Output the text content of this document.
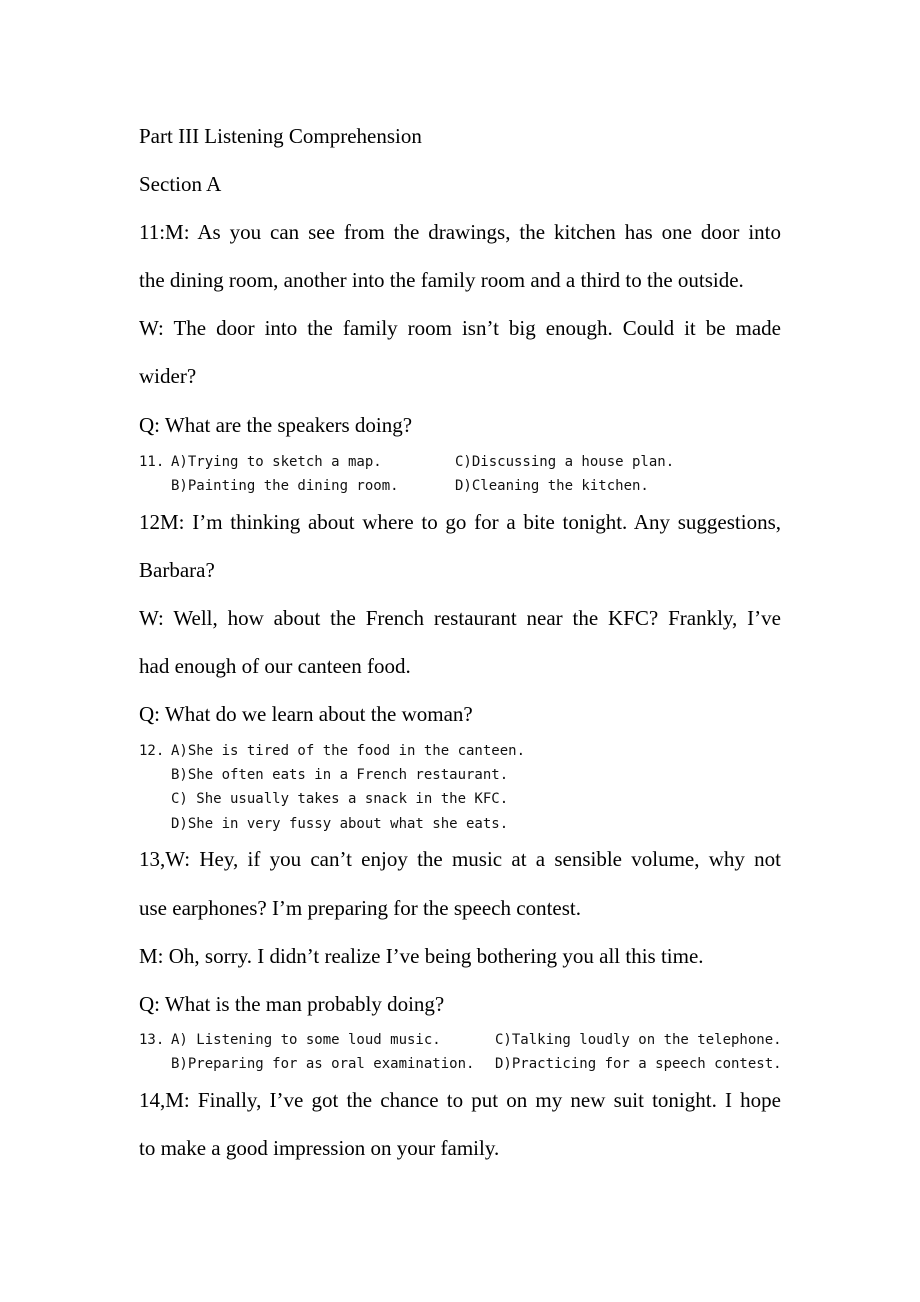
Part III Listening Comprehension
Section A
11:M: As you can see from the drawings, the kitchen has one door into
the dining room, another into the family room and a third to the outside.
W: The door into the family room isn’t big enough. Could it be made
wider?
Q: What are the speakers doing?
11. A)Trying to sketch a map.	C)Discussing a house plan.
B)Painting the dining room.	D)Cleaning the kitchen.
12M: I’m thinking about where to go for a bite tonight. Any suggestions,
Barbara?
W: Well, how about the French restaurant near the KFC? Frankly, I’ve
had enough of our canteen food.
Q: What do we learn about the woman?
12. A)She is tired of the food in the canteen.
B)She often eats in a French restaurant.
C) She usually takes a snack in the KFC.
D)She in very fussy about what she eats.
13,W: Hey, if you can’t enjoy the music at a sensible volume, why not
use earphones? I’m preparing for the speech contest.
M: Oh, sorry. I didn’t realize I’ve being bothering you all this time.
Q: What is the man probably doing?
13. A) Listening to some loud music.	C)Talking loudly on the telephone.
B)Preparing for as oral examination. D)Practicing for a speech contest.
14,M: Finally, I’ve got the chance to put on my new suit tonight. I hope
to make a good impression on your family.
